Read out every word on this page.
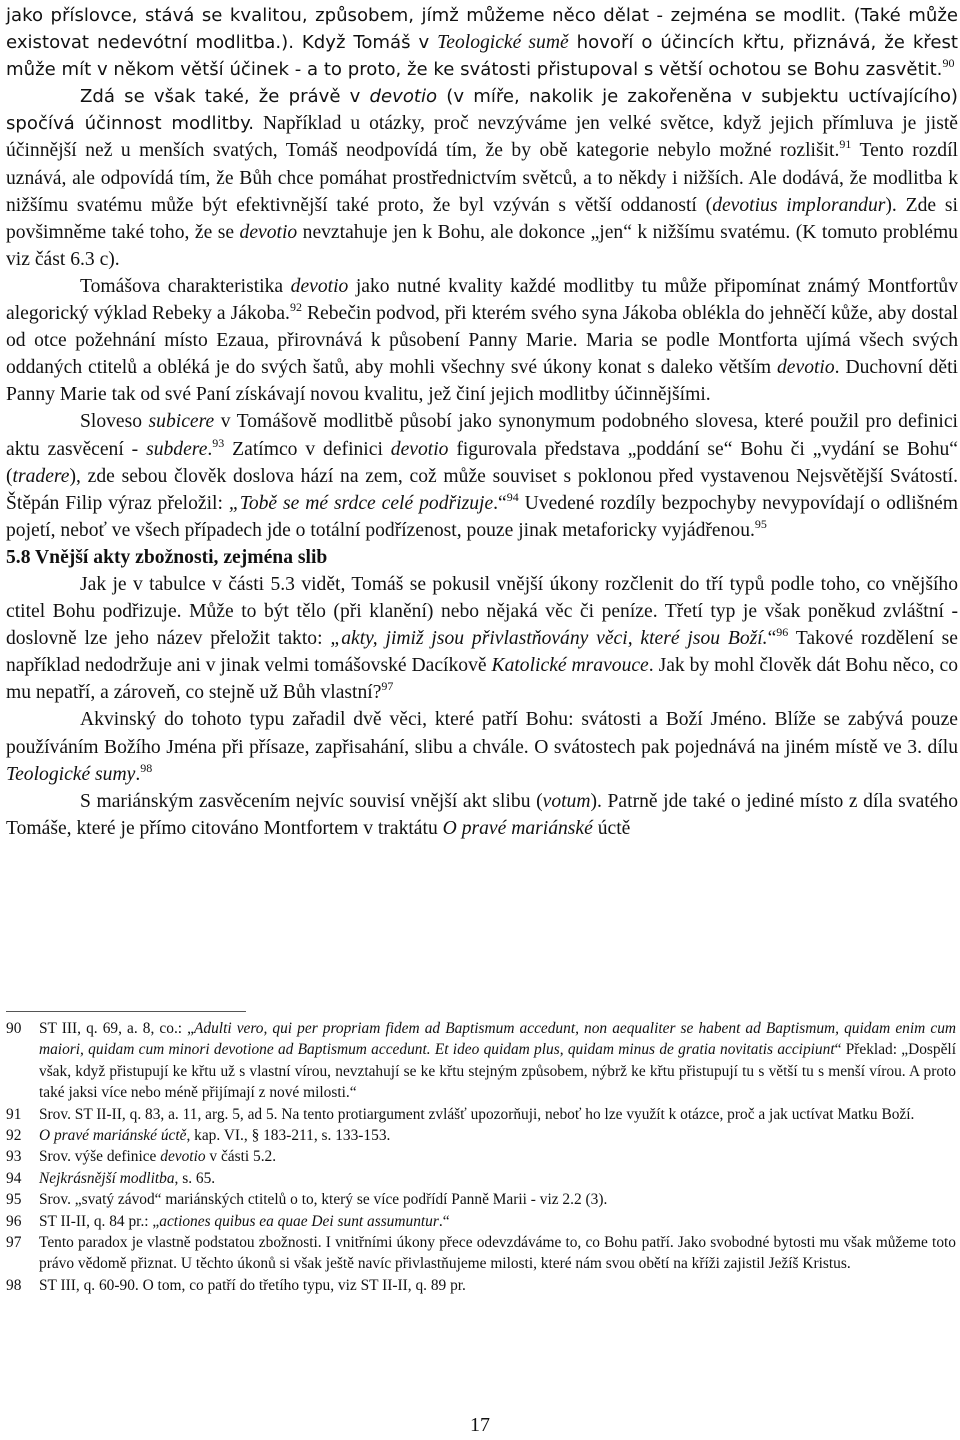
jako příslovce, stává se kvalitou, způsobem, jímž můžeme něco dělat - zejména se modlit. (Také může existovat nedevótní modlitba.). Když Tomáš v Teologické sumě hovoří o účincích křtu, přiznává, že křest může mít v někom větší účinek - a to proto, že ke svátosti přistupoval s větší ochotou se Bohu zasvětit.$^{90}$

Zdá se však také, že právě v devotio (v míře, nakolik je zakořeněna v subjektu uctívajícího) spočívá účinnost modlitby. Například u otázky, proč nevzýváme jen velké světce, když jejich přímluva je jistě účinnější než u menších svatých, Tomáš neodpovídá tím, že by obě kategorie nebylo možné rozlišit.$^{91}$ Tento rozdíl uznává, ale odpovídá tím, že Bůh chce pomáhat prostřednictvím světců, a to někdy i nižších. Ale dodává, že modlitba k nižšímu svatému může být efektivnější také proto, že byl vzýván s větší oddaností (devotius implorandur). Zde si povšimněme také toho, že se devotio nevztahuje jen k Bohu, ale dokonce „jen“ k nižšímu svatému. (K tomuto problému viz část 6.3 c).

Tomášova charakteristika devotio jako nutné kvality každé modlitby tu může připomínat známý Montfortův alegorický výklad Rebeky a Jákoba.$^{92}$ Rebečin podvod, při kterém svého syna Jákoba oblékla do jehněčí kůže, aby dostal od otce požehnání místo Ezaua, přirovnává k působení Panny Marie. Maria se podle Montforta ujímá všech svých oddaných ctitelů a obléká je do svých šatů, aby mohli všechny své úkony konat s daleko větším devotio. Duchovní děti Panny Marie tak od své Paní získávají novou kvalitu, jež činí jejich modlitby účinnějšími.

Sloveso subicere v Tomášově modlitbě působí jako synonymum podobného slovesa, které použil pro definici aktu zasvěcení - subdere.$^{93}$ Zatímco v definici devotio figurovala představa „poddání se“ Bohu či „vydání se Bohu“ (tradere), zde sebou člověk doslova hází na zem, což může souviset s poklonou před vystavenou Nejsvětější Svátostí. Štěpán Filip výraz přeložil: „Tobě se mé srdce celé podřizuje.“$^{94}$ Uvedené rozdíly bezpochyby nevypovídají o odlišném pojetí, neboť ve všech případech jde o totální podřízenost, pouze jinak metaforicky vyjádřenou.$^{95}$

5.8 Vnější akty zbožnosti, zejména slib

Jak je v tabulce v části 5.3 vidět, Tomáš se pokusil vnější úkony rozčlenit do tří typů podle toho, co vnějšího ctitel Bohu podřizuje. Může to být tělo (při klanění) nebo nějaká věc či peníze. Třetí typ je však poněkud zvláštní - doslovně lze jeho název přeložit takto: „akty, jimiž jsou přivlastňovány věci, které jsou Boží.“$^{96}$ Takové rozdělení se například nedodržuje ani v jinak velmi tomášovské Dacíkově Katolické mravouce. Jak by mohl člověk dát Bohu něco, co mu nepatří, a zároveň, co stejně už Bůh vlastní?$^{97}$

Akvinský do tohoto typu zařadil dvě věci, které patří Bohu: svátosti a Boží Jméno. Blíže se zabývá pouze používáním Božího Jména při přísaze, zapřisahání, slibu a chvále. O svátostech pak pojednává na jiném místě ve 3. dílu Teologické sumy.$^{98}$

S mariánským zasvěcením nejvíc souvisí vnější akt slibu (votum). Patrně jde také o jediné místo z díla svatého Tomáše, které je přímo citováno Montfortem v traktátu O pravé mariánské úctě

90	ST III, q. 69, a. 8, co.: „Adulti vero, qui per propriam fidem ad Baptismum accedunt, non aequaliter se habent ad Baptismum, quidam enim cum maiori, quidam cum minori devotione ad Baptismum accedunt. Et ideo quidam plus, quidam minus de gratia novitatis accipiunt“ Překlad: „Dospělí však, když přistupují ke křtu už s vlastní vírou, nevztahují se ke křtu stejným způsobem, nýbrž ke křtu přistupují tu s větší tu s menší vírou. A proto také jaksi více nebo méně přijímají z nové milosti.“
91	Srov. ST II-II, q. 83, a. 11, arg. 5, ad 5. Na tento protiargument zvlášť upozorňuji, neboť ho lze využít k otázce, proč a jak uctívat Matku Boží.
92	O pravé mariánské úctě, kap. VI., § 183-211, s. 133-153.
93	Srov. výše definice devotio v části 5.2.
94	Nejkrásnější modlitba, s. 65.
95	Srov. „svatý závod“ mariánských ctitelů o to, který se více podřídí Panně Marii - viz 2.2 (3).
96	ST II-II, q. 84 pr.: „actiones quibus ea quae Dei sunt assumuntur.“
97	Tento paradox je vlastně podstatou zbožnosti. I vnitřními úkony přece odevzdáváme to, co Bohu patří. Jako svobodné bytosti mu však můžeme toto právo vědomě přiznat. U těchto úkonů si však ještě navíc přivlastňujeme milosti, které nám svou obětí na kříži zajistil Ježíš Kristus.
98	ST III, q. 60-90. O tom, co patří do třetího typu, viz ST II-II, q. 89 pr.
17
